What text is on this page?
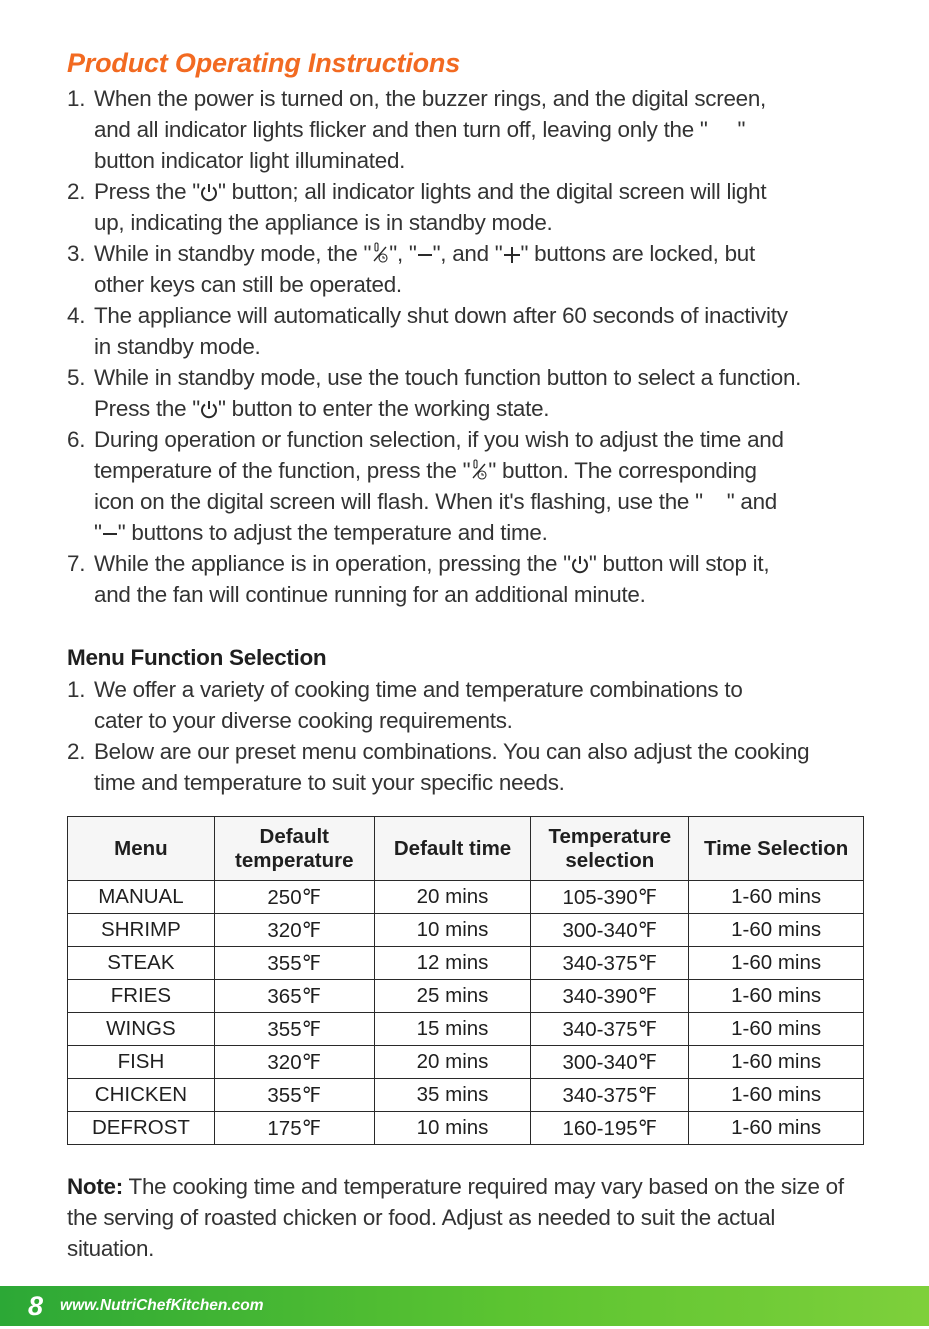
Product Operating Instructions
1. When the power is turned on, the buzzer rings, and the digital screen,
and all indicator lights flicker and then turn off, leaving only the " "
button indicator light illuminated.
2. Press the " " button; all indicator lights and the digital screen will light
up, indicating the appliance is in standby mode.
3. While in standby mode, the " ", " ", and " " buttons are locked, but
other keys can still be operated.
4. The appliance will automatically shut down after 60 seconds of inactivity
in standby mode.
5. While in standby mode, use the touch function button to select a function.
Press the " " button to enter the working state.
6. During operation or function selection, if you wish to adjust the time and
temperature of the function, press the " " button. The corresponding
icon on the digital screen will flash. When it's flashing, use the " " and
" " buttons to adjust the temperature and time.
7. While the appliance is in operation, pressing the " " button will stop it,
and the fan will continue running for an additional minute.
Menu Function Selection
1. We offer a variety of cooking time and temperature combinations to
cater to your diverse cooking requirements.
2. Below are our preset menu combinations. You can also adjust the cooking
time and temperature to suit your specific needs.
Menu	Default temperature	Default time	Temperature selection	Time Selection
MANUAL	250℉	20 mins	105-390℉	1-60 mins
SHRIMP	320℉	10 mins	300-340℉	1-60 mins
STEAK	355℉	12 mins	340-375℉	1-60 mins
FRIES	365℉	25 mins	340-390℉	1-60 mins
WINGS	355℉	15 mins	340-375℉	1-60 mins
FISH	320℉	20 mins	300-340℉	1-60 mins
CHICKEN	355℉	35 mins	340-375℉	1-60 mins
DEFROST	175℉	10 mins	160-195℉	1-60 mins

Note: The cooking time and temperature required may vary based on the size of the serving of roasted chicken or food. Adjust as needed to suit the actual situation.

8 www.NutriChefKitchen.com
